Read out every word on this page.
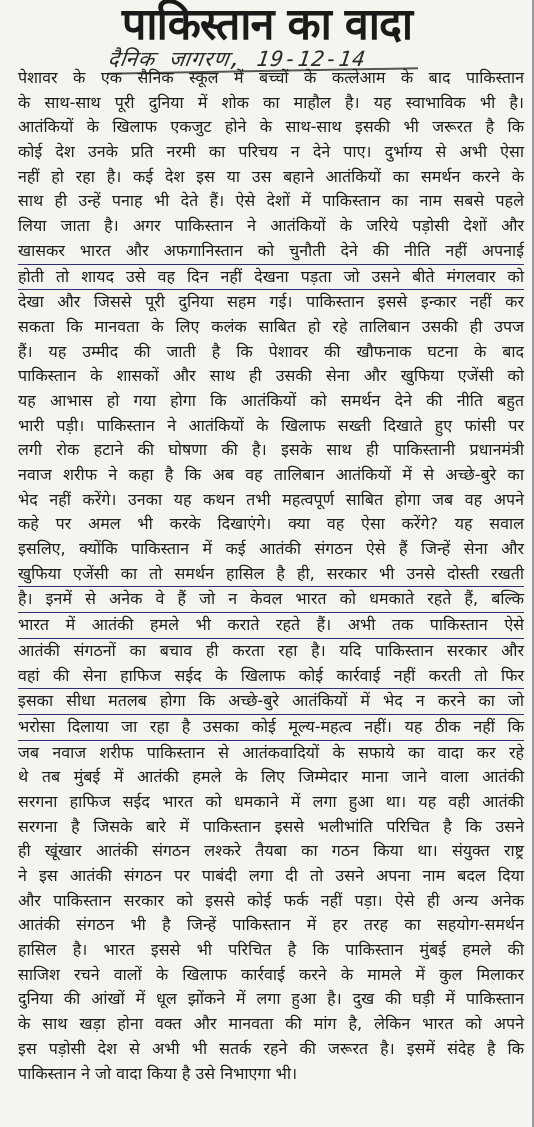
पाकिस्तान का वादा
दैनिक जागरण, 19-12-14
पेशावर के एक सैनिक स्कूल में बच्चों के कत्लेआम के बाद पाकिस्तान
के साथ-साथ पूरी दुनिया में शोक का माहौल है। यह स्वाभाविक भी है।
आतंकियों के खिलाफ एकजुट होने के साथ-साथ इसकी भी जरूरत है कि
कोई देश उनके प्रति नरमी का परिचय न देने पाए। दुर्भाग्य से अभी ऐसा
नहीं हो रहा है। कई देश इस या उस बहाने आतंकियों का समर्थन करने के
साथ ही उन्हें पनाह भी देते हैं। ऐसे देशों में पाकिस्तान का नाम सबसे पहले
लिया जाता है। अगर पाकिस्तान ने आतंकियों के जरिये पड़ोसी देशों और
खासकर भारत और अफगानिस्तान को चुनौती देने की नीति नहीं अपनाई
होती तो शायद उसे वह दिन नहीं देखना पड़ता जो उसने बीते मंगलवार को
देखा और जिससे पूरी दुनिया सहम गई। पाकिस्तान इससे इन्कार नहीं कर
सकता कि मानवता के लिए कलंक साबित हो रहे तालिबान उसकी ही उपज
हैं। यह उम्मीद की जाती है कि पेशावर की खौफनाक घटना के बाद
पाकिस्तान के शासकों और साथ ही उसकी सेना और खुफिया एजेंसी को
यह आभास हो गया होगा कि आतंकियों को समर्थन देने की नीति बहुत
भारी पड़ी। पाकिस्तान ने आतंकियों के खिलाफ सख्ती दिखाते हुए फांसी पर
लगी रोक हटाने की घोषणा की है। इसके साथ ही पाकिस्तानी प्रधानमंत्री
नवाज शरीफ ने कहा है कि अब वह तालिबान आतंकियों में से अच्छे-बुरे का
भेद नहीं करेंगे। उनका यह कथन तभी महत्वपूर्ण साबित होगा जब वह अपने
कहे पर अमल भी करके दिखाएंगे। क्या वह ऐसा करेंगे? यह सवाल
इसलिए, क्योंकि पाकिस्तान में कई आतंकी संगठन ऐसे हैं जिन्हें सेना और
खुफिया एजेंसी का तो समर्थन हासिल है ही, सरकार भी उनसे दोस्ती रखती
है। इनमें से अनेक वे हैं जो न केवल भारत को धमकाते रहते हैं, बल्कि
भारत में आतंकी हमले भी कराते रहते हैं। अभी तक पाकिस्तान ऐसे
आतंकी संगठनों का बचाव ही करता रहा है। यदि पाकिस्तान सरकार और
वहां की सेना हाफिज सईद के खिलाफ कोई कार्रवाई नहीं करती तो फिर
इसका सीधा मतलब होगा कि अच्छे-बुरे आतंकियों में भेद न करने का जो
भरोसा दिलाया जा रहा है उसका कोई मूल्य-महत्व नहीं। यह ठीक नहीं कि
जब नवाज शरीफ पाकिस्तान से आतंकवादियों के सफाये का वादा कर रहे
थे तब मुंबई में आतंकी हमले के लिए जिम्मेदार माना जाने वाला आतंकी
सरगना हाफिज सईद भारत को धमकाने में लगा हुआ था। यह वही आतंकी
सरगना है जिसके बारे में पाकिस्तान इससे भलीभांति परिचित है कि उसने
ही खूंखार आतंकी संगठन लश्करे तैयबा का गठन किया था। संयुक्त राष्ट्र
ने इस आतंकी संगठन पर पाबंदी लगा दी तो उसने अपना नाम बदल दिया
और पाकिस्तान सरकार को इससे कोई फर्क नहीं पड़ा। ऐसे ही अन्य अनेक
आतंकी संगठन भी है जिन्हें पाकिस्तान में हर तरह का सहयोग-समर्थन
हासिल है। भारत इससे भी परिचित है कि पाकिस्तान मुंबई हमले की
साजिश रचने वालों के खिलाफ कार्रवाई करने के मामले में कुल मिलाकर
दुनिया की आंखों में धूल झोंकने में लगा हुआ है। दुख की घड़ी में पाकिस्तान
के साथ खड़ा होना वक्त और मानवता की मांग है, लेकिन भारत को अपने
इस पड़ोसी देश से अभी भी सतर्क रहने की जरूरत है। इसमें संदेह है कि
पाकिस्तान ने जो वादा किया है उसे निभाएगा भी।
